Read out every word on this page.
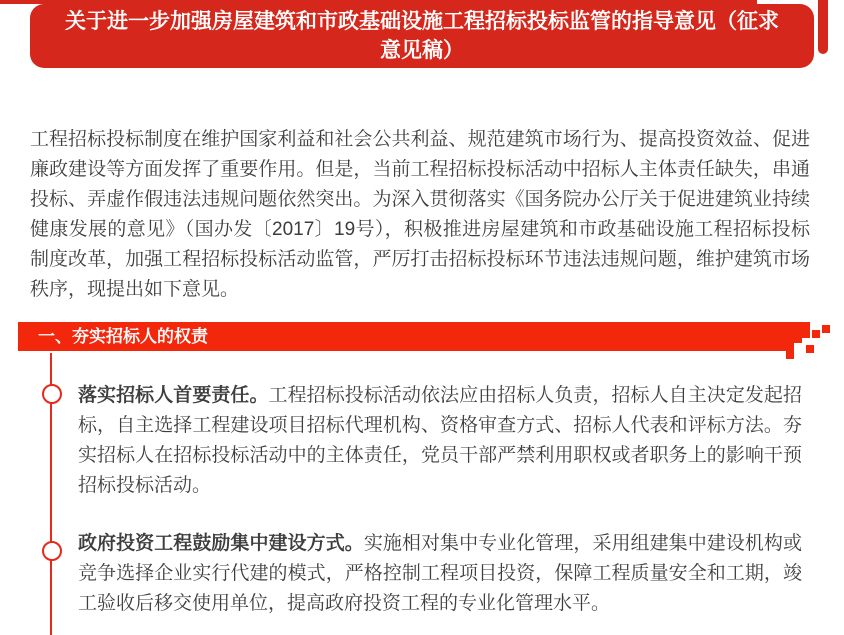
关于进一步加强房屋建筑和市政基础设施工程招标投标监管的指导意见（征求意见稿）

工程招标投标制度在维护国家利益和社会公共利益、规范建筑市场行为、提高投资效益、促进廉政建设等方面发挥了重要作用。但是，当前工程招标投标活动中招标人主体责任缺失，串通投标、弄虚作假违法违规问题依然突出。为深入贯彻落实《国务院办公厅关于促进建筑业持续健康发展的意见》（国办发〔2017〕19号），积极推进房屋建筑和市政基础设施工程招标投标制度改革，加强工程招标投标活动监管，严厉打击招标投标环节违法违规问题，维护建筑市场秩序，现提出如下意见。

一、夯实招标人的权责

落实招标人首要责任。工程招标投标活动依法应由招标人负责，招标人自主决定发起招标，自主选择工程建设项目招标代理机构、资格审查方式、招标人代表和评标方法。夯实招标人在招标投标活动中的主体责任，党员干部严禁利用职权或者职务上的影响干预招标投标活动。

政府投资工程鼓励集中建设方式。实施相对集中专业化管理，采用组建集中建设机构或竞争选择企业实行代建的模式，严格控制工程项目投资，保障工程质量安全和工期，竣工验收后移交使用单位，提高政府投资工程的专业化管理水平。
